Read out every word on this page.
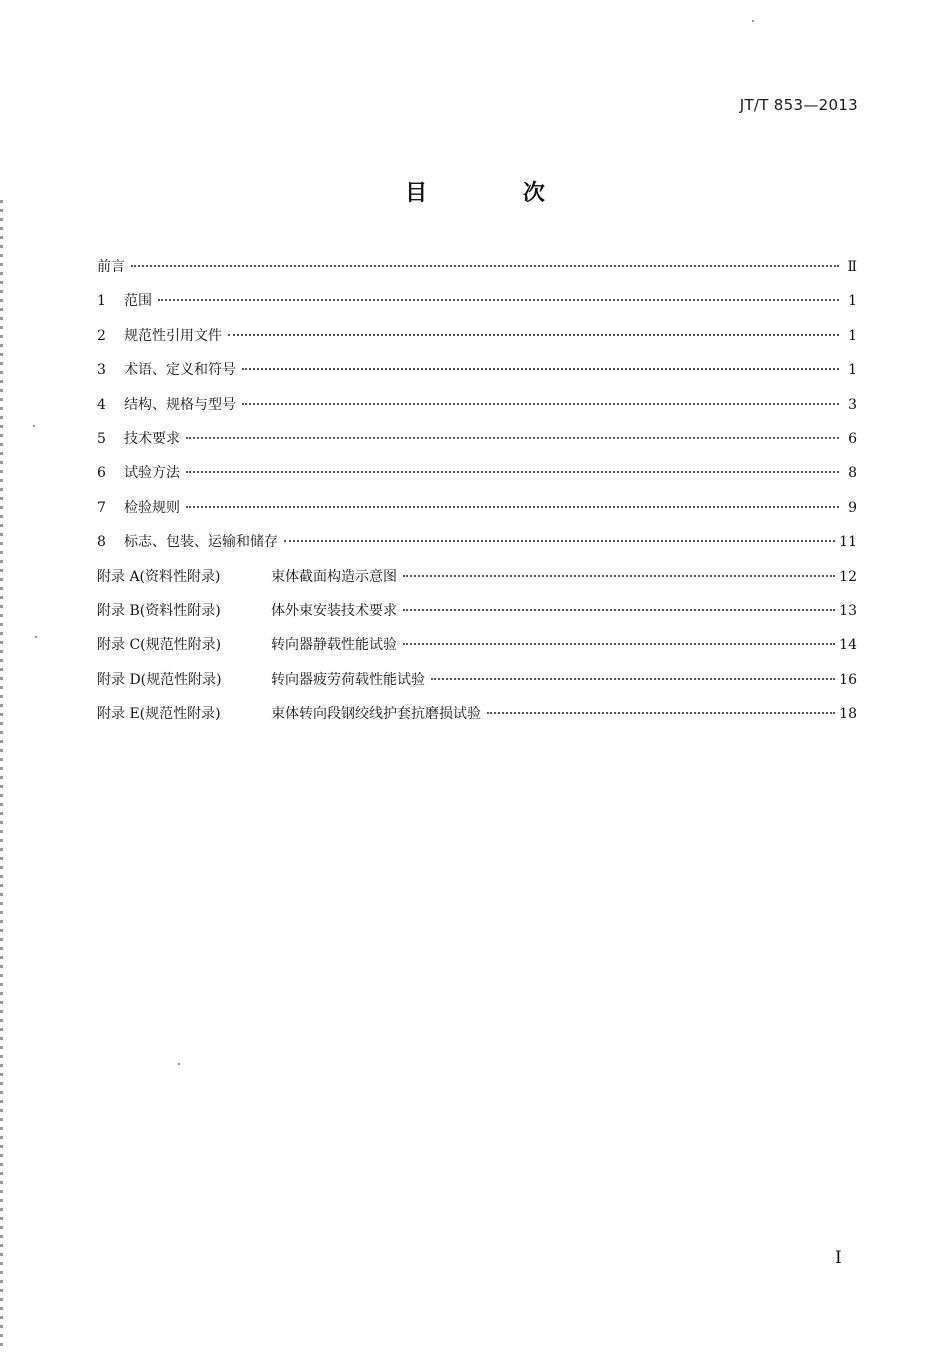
JT/T 853—2013
目 次
前言	Ⅱ
1	范围	1
2	规范性引用文件	1
3	术语、定义和符号	1
4	结构、规格与型号	3
5	技术要求	6
6	试验方法	8
7	检验规则	9
8	标志、包装、运输和储存	11
附录 A(资料性附录)	束体截面构造示意图	12
附录 B(资料性附录)	体外束安装技术要求	13
附录 C(规范性附录)	转向器静载性能试验	14
附录 D(规范性附录)	转向器疲劳荷载性能试验	16
附录 E(规范性附录)	束体转向段钢绞线护套抗磨损试验	18
Ⅰ
